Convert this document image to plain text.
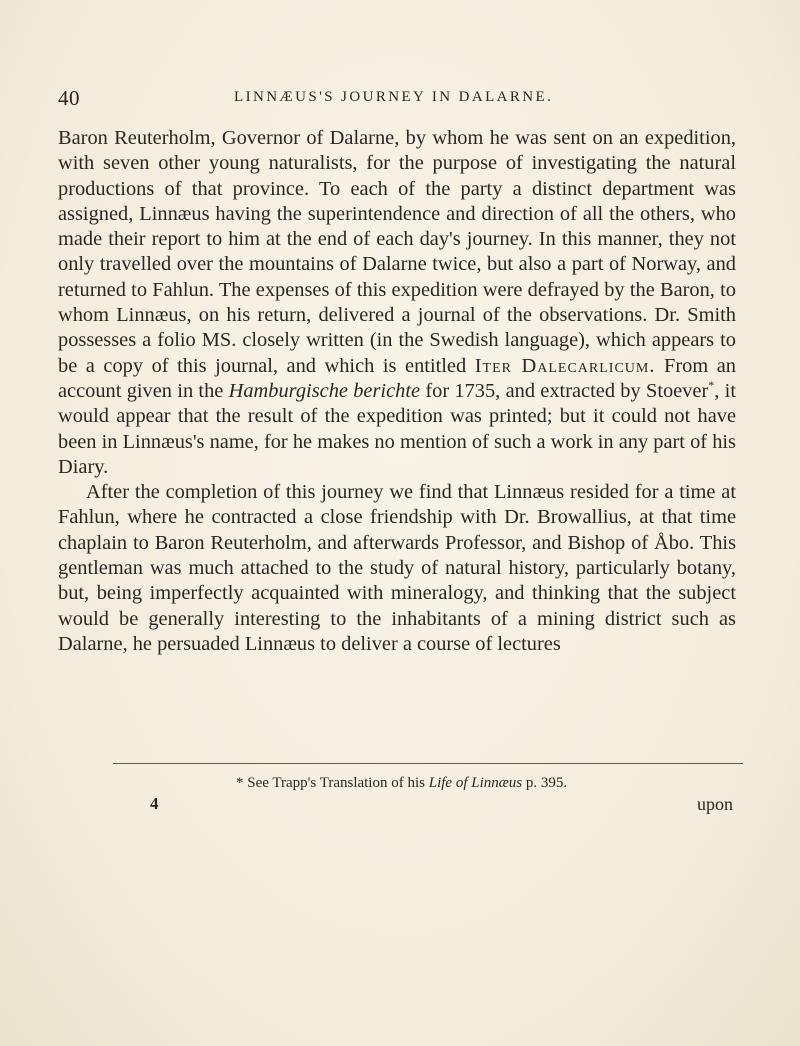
40	LINNÆUS'S JOURNEY IN DALARNE.

Baron Reuterholm, Governor of Dalarne, by whom he was sent on an expedition, with seven other young naturalists, for the purpose of investigating the natural productions of that province. To each of the party a distinct department was assigned, Linnæus having the superintendence and direction of all the others, who made their report to him at the end of each day's journey. In this manner, they not only travelled over the mountains of Dalarne twice, but also a part of Norway, and returned to Fahlun. The expenses of this expedition were defrayed by the Baron, to whom Linnæus, on his return, delivered a journal of the observations. Dr. Smith possesses a folio MS. closely written (in the Swedish language), which appears to be a copy of this journal, and which is entitled Iter Dalecarlicum. From an account given in the Hamburgische berichte for 1735, and extracted by Stoever*, it would appear that the result of the expedition was printed; but it could not have been in Linnæus's name, for he makes no mention of such a work in any part of his Diary.

After the completion of this journey we find that Linnæus resided for a time at Fahlun, where he contracted a close friendship with Dr. Browallius, at that time chaplain to Baron Reuterholm, and afterwards Professor, and Bishop of Åbo. This gentleman was much attached to the study of natural history, particularly botany, but, being imperfectly acquainted with mineralogy, and thinking that the subject would be generally interesting to the inhabitants of a mining district such as Dalarne, he persuaded Linnæus to deliver a course of lectures

* See Trapp's Translation of his Life of Linnæus p. 395.
4	upon
